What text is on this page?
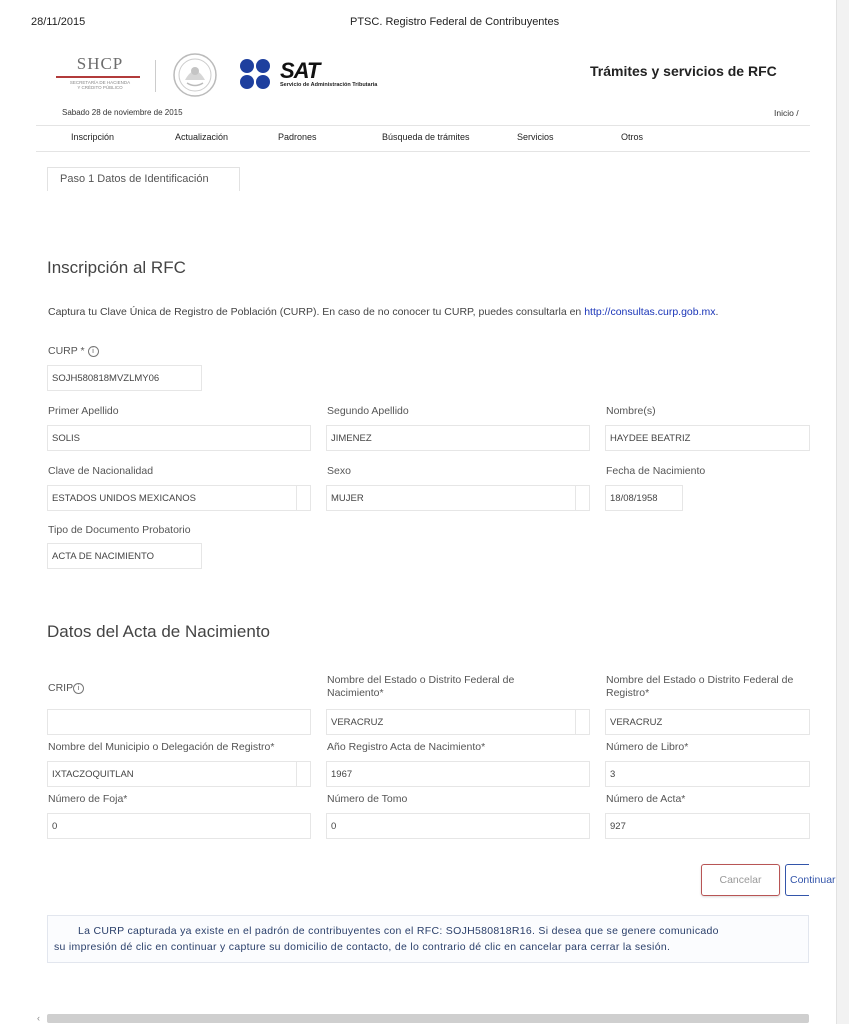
28/11/2015	PTSC. Registro Federal de Contribuyentes
SHCP
SECRETARÍA DE HACIENDA
Y CRÉDITO PÚBLICO
SAT
Servicio de Administración Tributaria
Trámites y servicios de RFC
Sabado 28 de noviembre de 2015	Inicio /
Inscripción	Actualización	Padrones	Búsqueda de trámites	Servicios	Otros
Paso 1 Datos de Identificación
Inscripción al RFC
Captura tu Clave Única de Registro de Población (CURP). En caso de no conocer tu CURP, puedes consultarla en http://consultas.curp.gob.mx.
CURP * i
SOJH580818MVZLMY06
Primer Apellido
SOLIS
Segundo Apellido
JIMENEZ
Nombre(s)
HAYDEE BEATRIZ
Clave de Nacionalidad
ESTADOS UNIDOS MEXICANOS
Sexo
MUJER
Fecha de Nacimiento
18/08/1958
Tipo de Documento Probatorio
ACTA DE NACIMIENTO
Datos del Acta de Nacimiento
CRIP i
Nombre del Estado o Distrito Federal de
Nacimiento*
VERACRUZ
Nombre del Estado o Distrito Federal de
Registro*
VERACRUZ
Nombre del Municipio o Delegación de Registro*
IXTACZOQUITLAN
Año Registro Acta de Nacimiento*
1967
Número de Libro*
3
Número de Foja*
0
Número de Tomo
0
Número de Acta*
927
Cancelar	Continuar
La CURP capturada ya existe en el padrón de contribuyentes con el RFC: SOJH580818R16. Si desea que se genere comunicado
su impresión dé clic en continuar y capture su domicilio de contacto, de lo contrario dé clic en cancelar para cerrar la sesión.
‹
